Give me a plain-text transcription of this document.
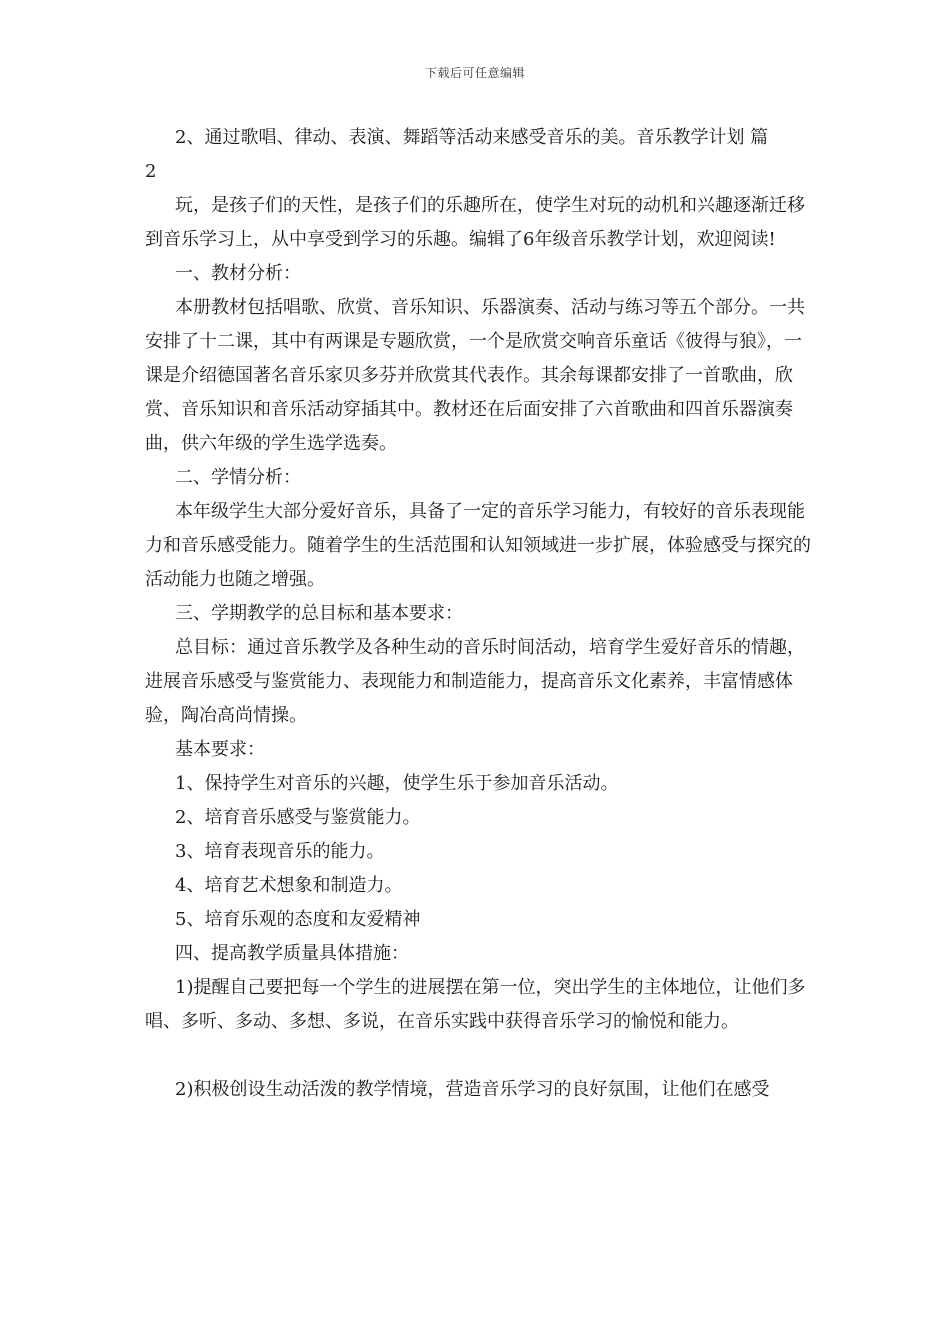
下载后可任意编辑

2、通过歌唱、律动、表演、舞蹈等活动来感受音乐的美。音乐教学计划 篇

2

玩，是孩子们的天性，是孩子们的乐趣所在，使学生对玩的动机和兴趣逐渐迁移到音乐学习上，从中享受到学习的乐趣。编辑了6年级音乐教学计划，欢迎阅读!

一、教材分析：

本册教材包括唱歌、欣赏、音乐知识、乐器演奏、活动与练习等五个部分。一共安排了十二课，其中有两课是专题欣赏，一个是欣赏交响音乐童话《彼得与狼》，一课是介绍德国著名音乐家贝多芬并欣赏其代表作。其余每课都安排了一首歌曲，欣赏、音乐知识和音乐活动穿插其中。教材还在后面安排了六首歌曲和四首乐器演奏曲，供六年级的学生选学选奏。

二、学情分析：

本年级学生大部分爱好音乐，具备了一定的音乐学习能力，有较好的音乐表现能力和音乐感受能力。随着学生的生活范围和认知领域进一步扩展，体验感受与探究的活动能力也随之增强。

三、学期教学的总目标和基本要求：

总目标：通过音乐教学及各种生动的音乐时间活动，培育学生爱好音乐的情趣，进展音乐感受与鉴赏能力、表现能力和制造能力，提高音乐文化素养，丰富情感体验，陶冶高尚情操。

基本要求：

1、保持学生对音乐的兴趣，使学生乐于参加音乐活动。

2、培育音乐感受与鉴赏能力。

3、培育表现音乐的能力。

4、培育艺术想象和制造力。

5、培育乐观的态度和友爱精神

四、提高教学质量具体措施：

1)提醒自己要把每一个学生的进展摆在第一位，突出学生的主体地位，让他们多唱、多听、多动、多想、多说，在音乐实践中获得音乐学习的愉悦和能力。

2)积极创设生动活泼的教学情境，营造音乐学习的良好氛围，让他们在感受
